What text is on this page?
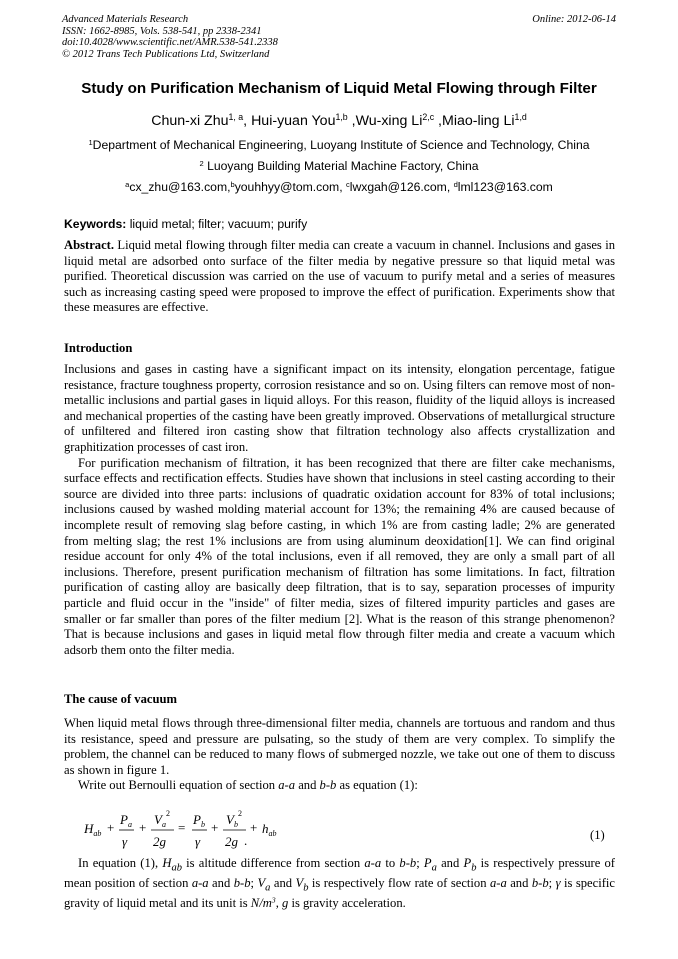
Advanced Materials Research
ISSN: 1662-8985, Vols. 538-541, pp 2338-2341
doi:10.4028/www.scientific.net/AMR.538-541.2338
© 2012 Trans Tech Publications Ltd, Switzerland
Online: 2012-06-14
Study on Purification Mechanism of Liquid Metal Flowing through Filter
Chun-xi Zhu$^{1, a}$, Hui-yuan You$^{1,b}$ ,Wu-xing Li$^{2,c}$ ,Miao-ling Li$^{1,d}$
$^1$Department of Mechanical Engineering, Luoyang Institute of Science and Technology, China
$^2$ Luoyang Building Material Machine Factory, China
$^a$cx_zhu@163.com,$^b$youhhyy@tom.com, $^c$lwxgah@126.com, $^d$lml123@163.com
Keywords: liquid metal; filter; vacuum; purify
Abstract. Liquid metal flowing through filter media can create a vacuum in channel. Inclusions and gases in liquid metal are adsorbed onto surface of the filter media by negative pressure so that liquid metal was purified. Theoretical discussion was carried on the use of vacuum to purify metal and a series of measures such as increasing casting speed were proposed to improve the effect of purification. Experiments show that these measures are effective.
Introduction

Inclusions and gases in casting have a significant impact on its intensity, elongation percentage, fatigue resistance, fracture toughness property, corrosion resistance and so on. Using filters can remove most of non-metallic inclusions and partial gases in liquid alloys. For this reason, fluidity of the liquid alloys is increased and mechanical properties of the casting have been greatly improved. Observations of metallurgical structure of unfiltered and filtered iron casting show that filtration technology also affects crystallization and graphitization processes of cast iron.

For purification mechanism of filtration, it has been recognized that there are filter cake mechanisms, surface effects and rectification effects. Studies have shown that inclusions in steel casting according to their source are divided into three parts: inclusions of quadratic oxidation account for 83% of total inclusions; inclusions caused by washed molding material account for 13%; the remaining 4% are caused because of incomplete result of removing slag before casting, in which 1% are from casting ladle; 2% are generated from melting slag; the rest 1% inclusions are from using aluminum deoxidation[1]. We can find original residue account for only 4% of the total inclusions, even if all removed, they are only a small part of all inclusions. Therefore, present purification mechanism of filtration has some limitations. In fact, filtration purification of casting alloy are basically deep filtration, that is to say, separation processes of impurity particle and fluid occur in the "inside" of filter media, sizes of filtered impurity particles and gases are smaller or far smaller than pores of the filter medium [2]. What is the reason of this strange phenomenon? That is because inclusions and gases in liquid metal flow through filter media and create a vacuum which adsorb them onto the filter media.

The cause of vacuum

When liquid metal flows through three-dimensional filter media, channels are tortuous and random and thus its resistance, speed and pressure are pulsating, so the study of them are very complex. To simplify the problem, the channel can be reduced to many flows of submerged nozzle, we take out one of them to discuss as shown in figure 1.

Write out Bernoulli equation of section a-a and b-b as equation (1):

$H_{ab}$ +
$P_a$
γ
+
$V_a$
2
2g
=
$P_b$
γ
+
$V_b$
2
2g
+ $h_{ab}$
.	(1)

In equation (1), $H_{ab}$ is altitude difference from section a-a to b-b; $P_a$ and $P_b$ is respectively pressure of mean position of section a-a and b-b; $V_a$ and $V_b$ is respectively flow rate of section a-a and b-b; γ is specific gravity of liquid metal and its unit is $N/m^3$, g is gravity acceleration.
